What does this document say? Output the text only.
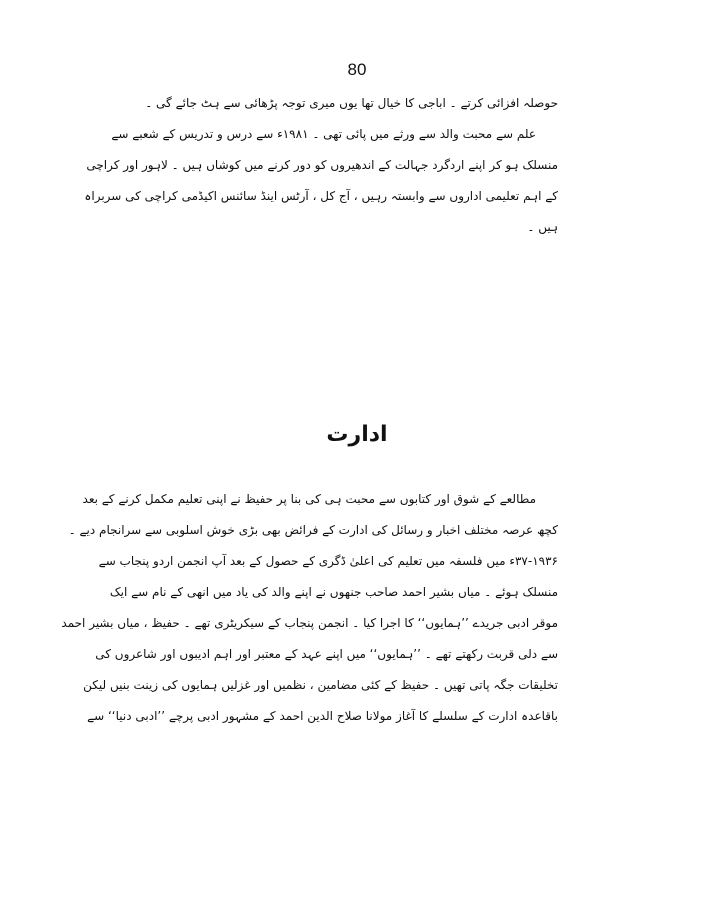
80
حوصلہ افزائی کرتے ۔ اباجی کا خیال تھا یوں میری توجہ پڑھائی سے ہٹ جائے گی ۔
علم سے محبت والد سے ورثے میں پائی تھی ۔ ۱۹۸۱ء سے درس و تدریس کے شعبے سے
منسلک ہو کر اپنے اردگرد جہالت کے اندھیروں کو دور کرنے میں کوشاں ہیں ۔ لاہور اور کراچی
کے اہم تعلیمی اداروں سے وابستہ رہیں ، آج کل ، آرٹس اینڈ سائنس اکیڈمی کراچی کی سربراہ
ہیں ۔
ادارت
مطالعے کے شوق اور کتابوں سے محبت ہی کی بنا پر حفیظ نے اپنی تعلیم مکمل کرنے کے بعد
کچھ عرصہ مختلف اخبار و رسائل کی ادارت کے فرائض بھی بڑی خوش اسلوبی سے سرانجام دیے ۔
۳۷-۱۹۳۶ء میں فلسفہ میں تعلیم کی اعلیٰ ڈگری کے حصول کے بعد آپ انجمن اردو پنجاب سے
منسلک ہوئے ۔ میاں بشیر احمد صاحب جنھوں نے اپنے والد کی یاد میں انھی کے نام سے ایک
موقر ادبی جریدے ’’ہمایوں‘‘ کا اجرا کیا ۔ انجمن پنجاب کے سیکریٹری تھے ۔ حفیظ ، میاں بشیر احمد
سے دلی قربت رکھتے تھے ۔ ’’ہمایوں‘‘ میں اپنے عہد کے معتبر اور اہم ادیبوں اور شاعروں کی
تخلیقات جگہ پاتی تھیں ۔ حفیظ کے کئی مضامین ، نظمیں اور غزلیں ہمایوں کی زینت بنیں لیکن
باقاعدہ ادارت کے سلسلے کا آغاز مولانا صلاح الدین احمد کے مشہور ادبی پرچے ’’ادبی دنیا‘‘ سے
